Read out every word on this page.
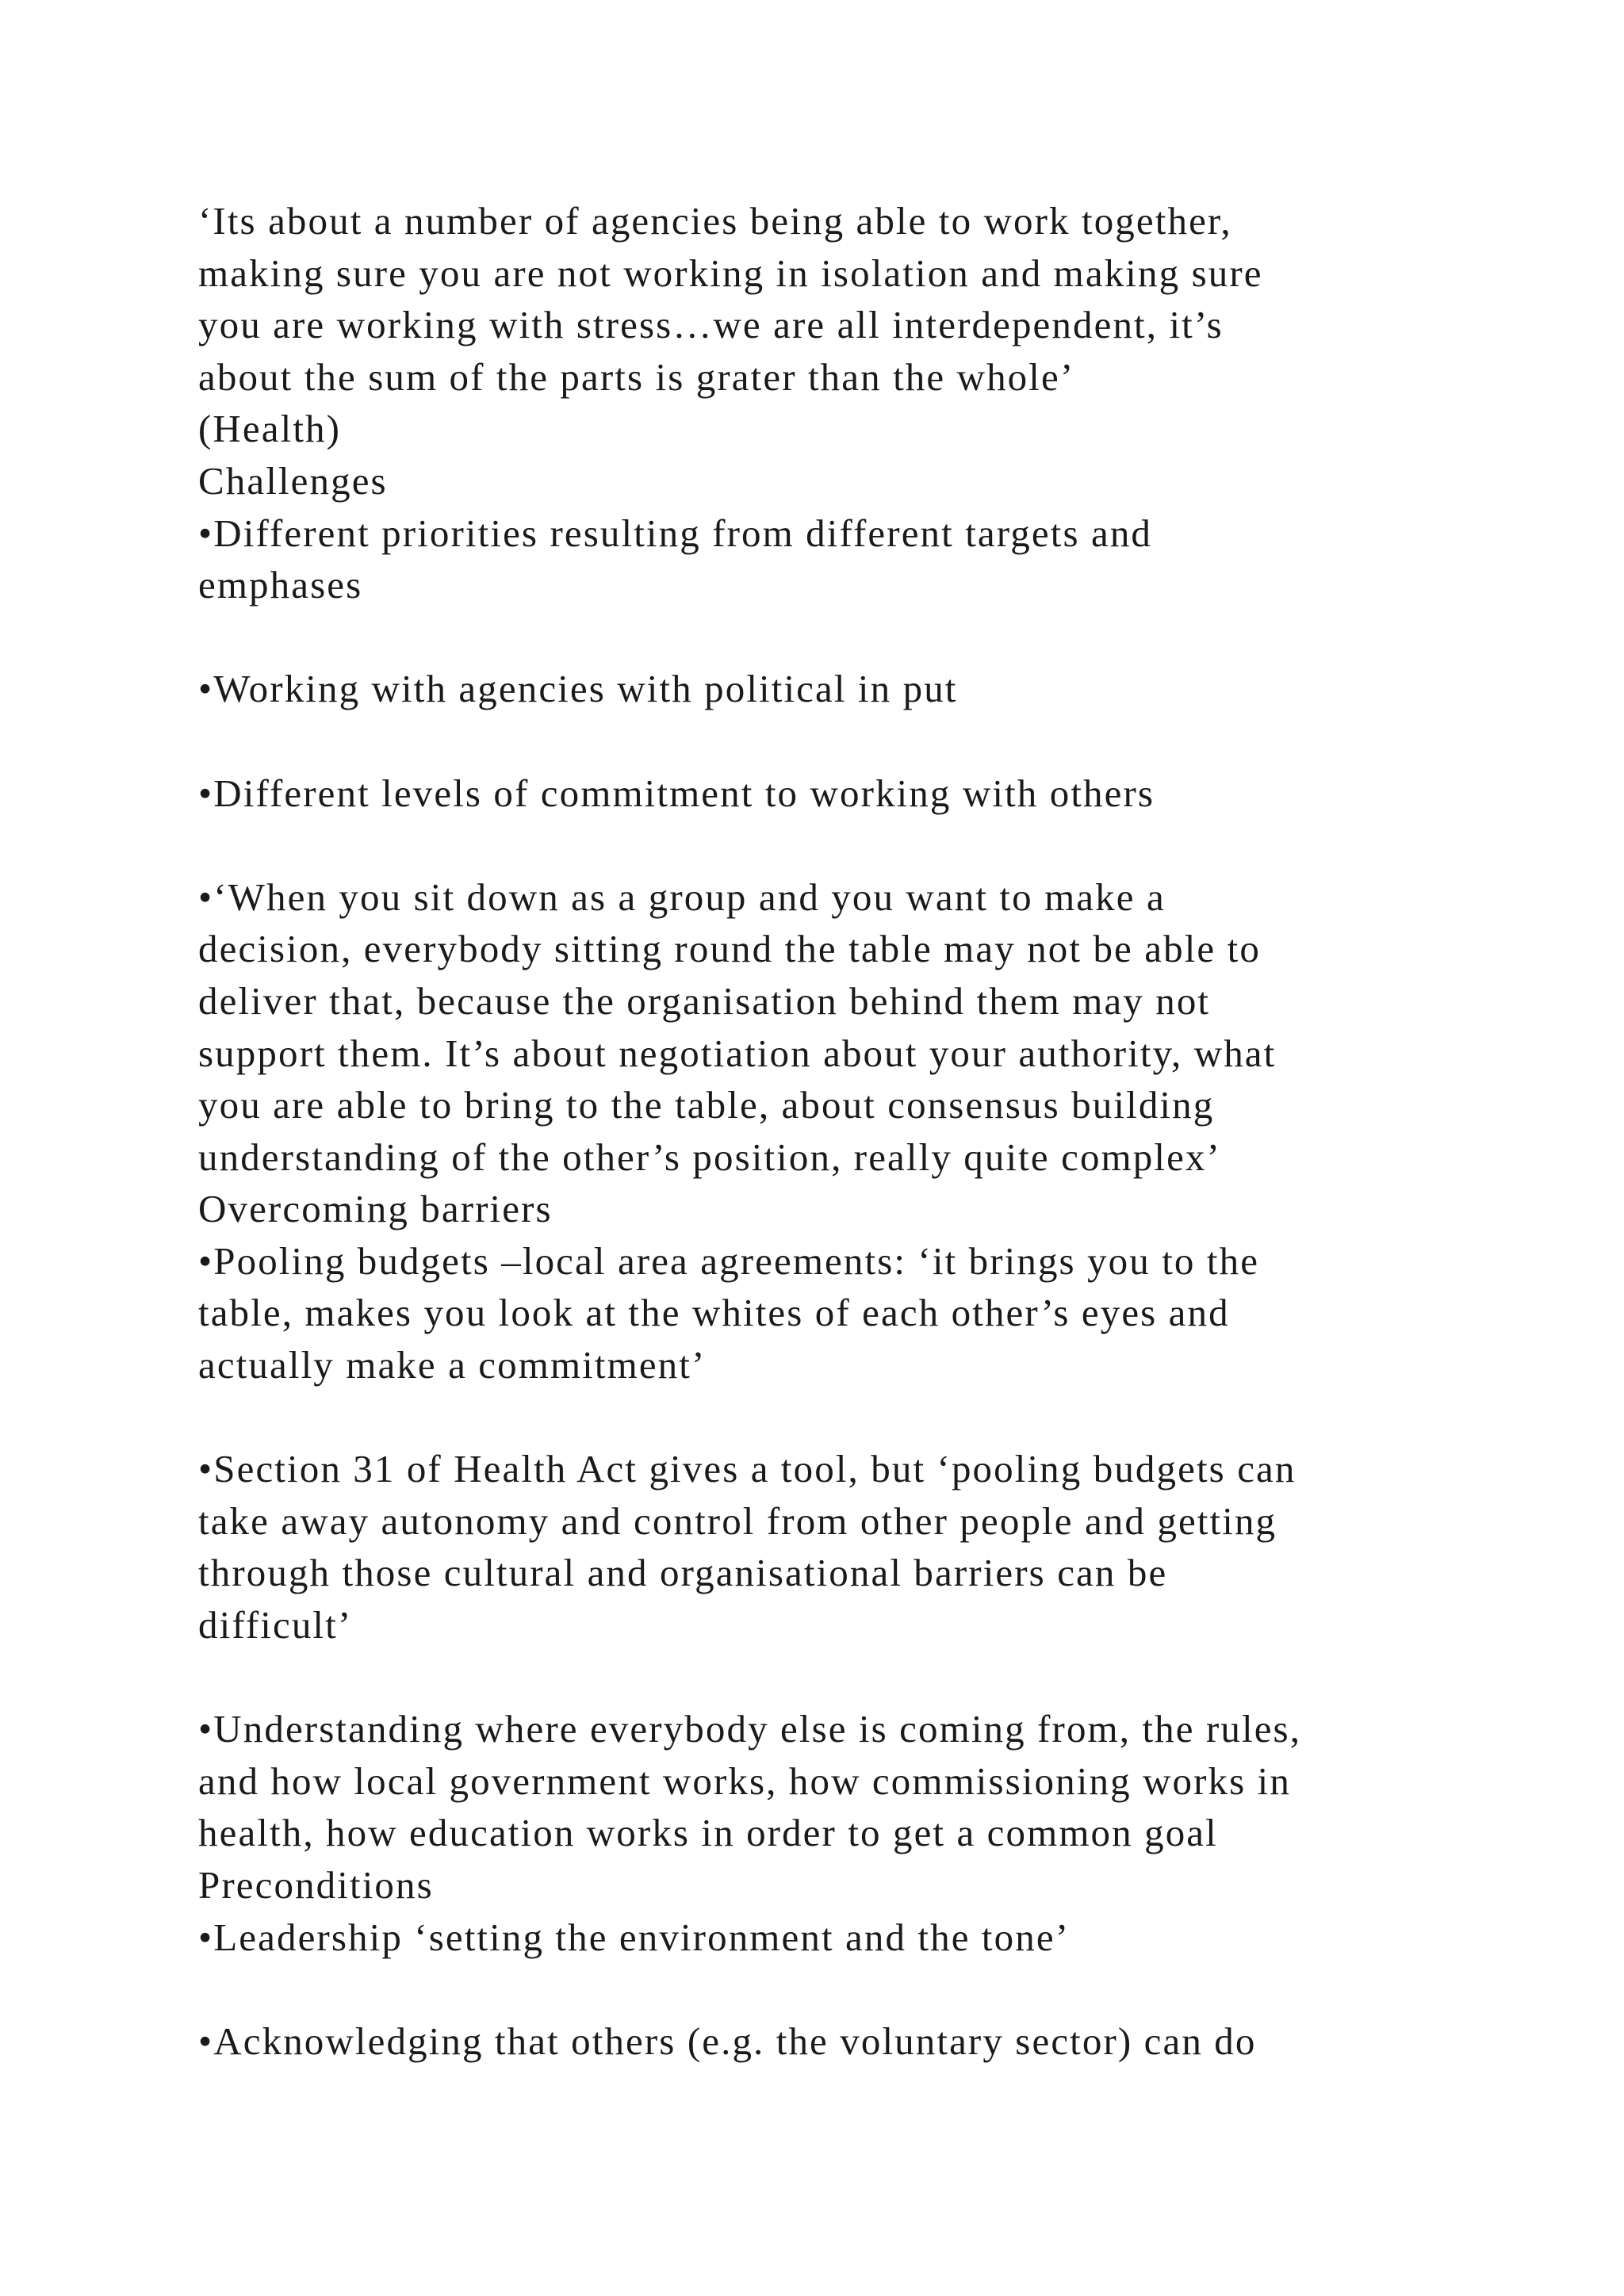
‘Its about a number of agencies being able to work together,
making sure you are not working in isolation and making sure
you are working with stress…we are all interdependent, it’s
about the sum of the parts is grater than the whole’
(Health)
Challenges
•Different priorities resulting from different targets and
emphases
•Working with agencies with political in put
•Different levels of commitment to working with others
•‘When you sit down as a group and you want to make a
decision, everybody sitting round the table may not be able to
deliver that, because the organisation behind them may not
support them. It’s about negotiation about your authority, what
you are able to bring to the table, about consensus building
understanding of the other’s position, really quite complex’
Overcoming barriers
•Pooling budgets –local area agreements: ‘it brings you to the
table, makes you look at the whites of each other’s eyes and
actually make a commitment’
•Section 31 of Health Act gives a tool, but ‘pooling budgets can
take away autonomy and control from other people and getting
through those cultural and organisational barriers can be
difficult’
•Understanding where everybody else is coming from, the rules,
and how local government works, how commissioning works in
health, how education works in order to get a common goal
Preconditions
•Leadership ‘setting the environment and the tone’
•Acknowledging that others (e.g. the voluntary sector) can do
